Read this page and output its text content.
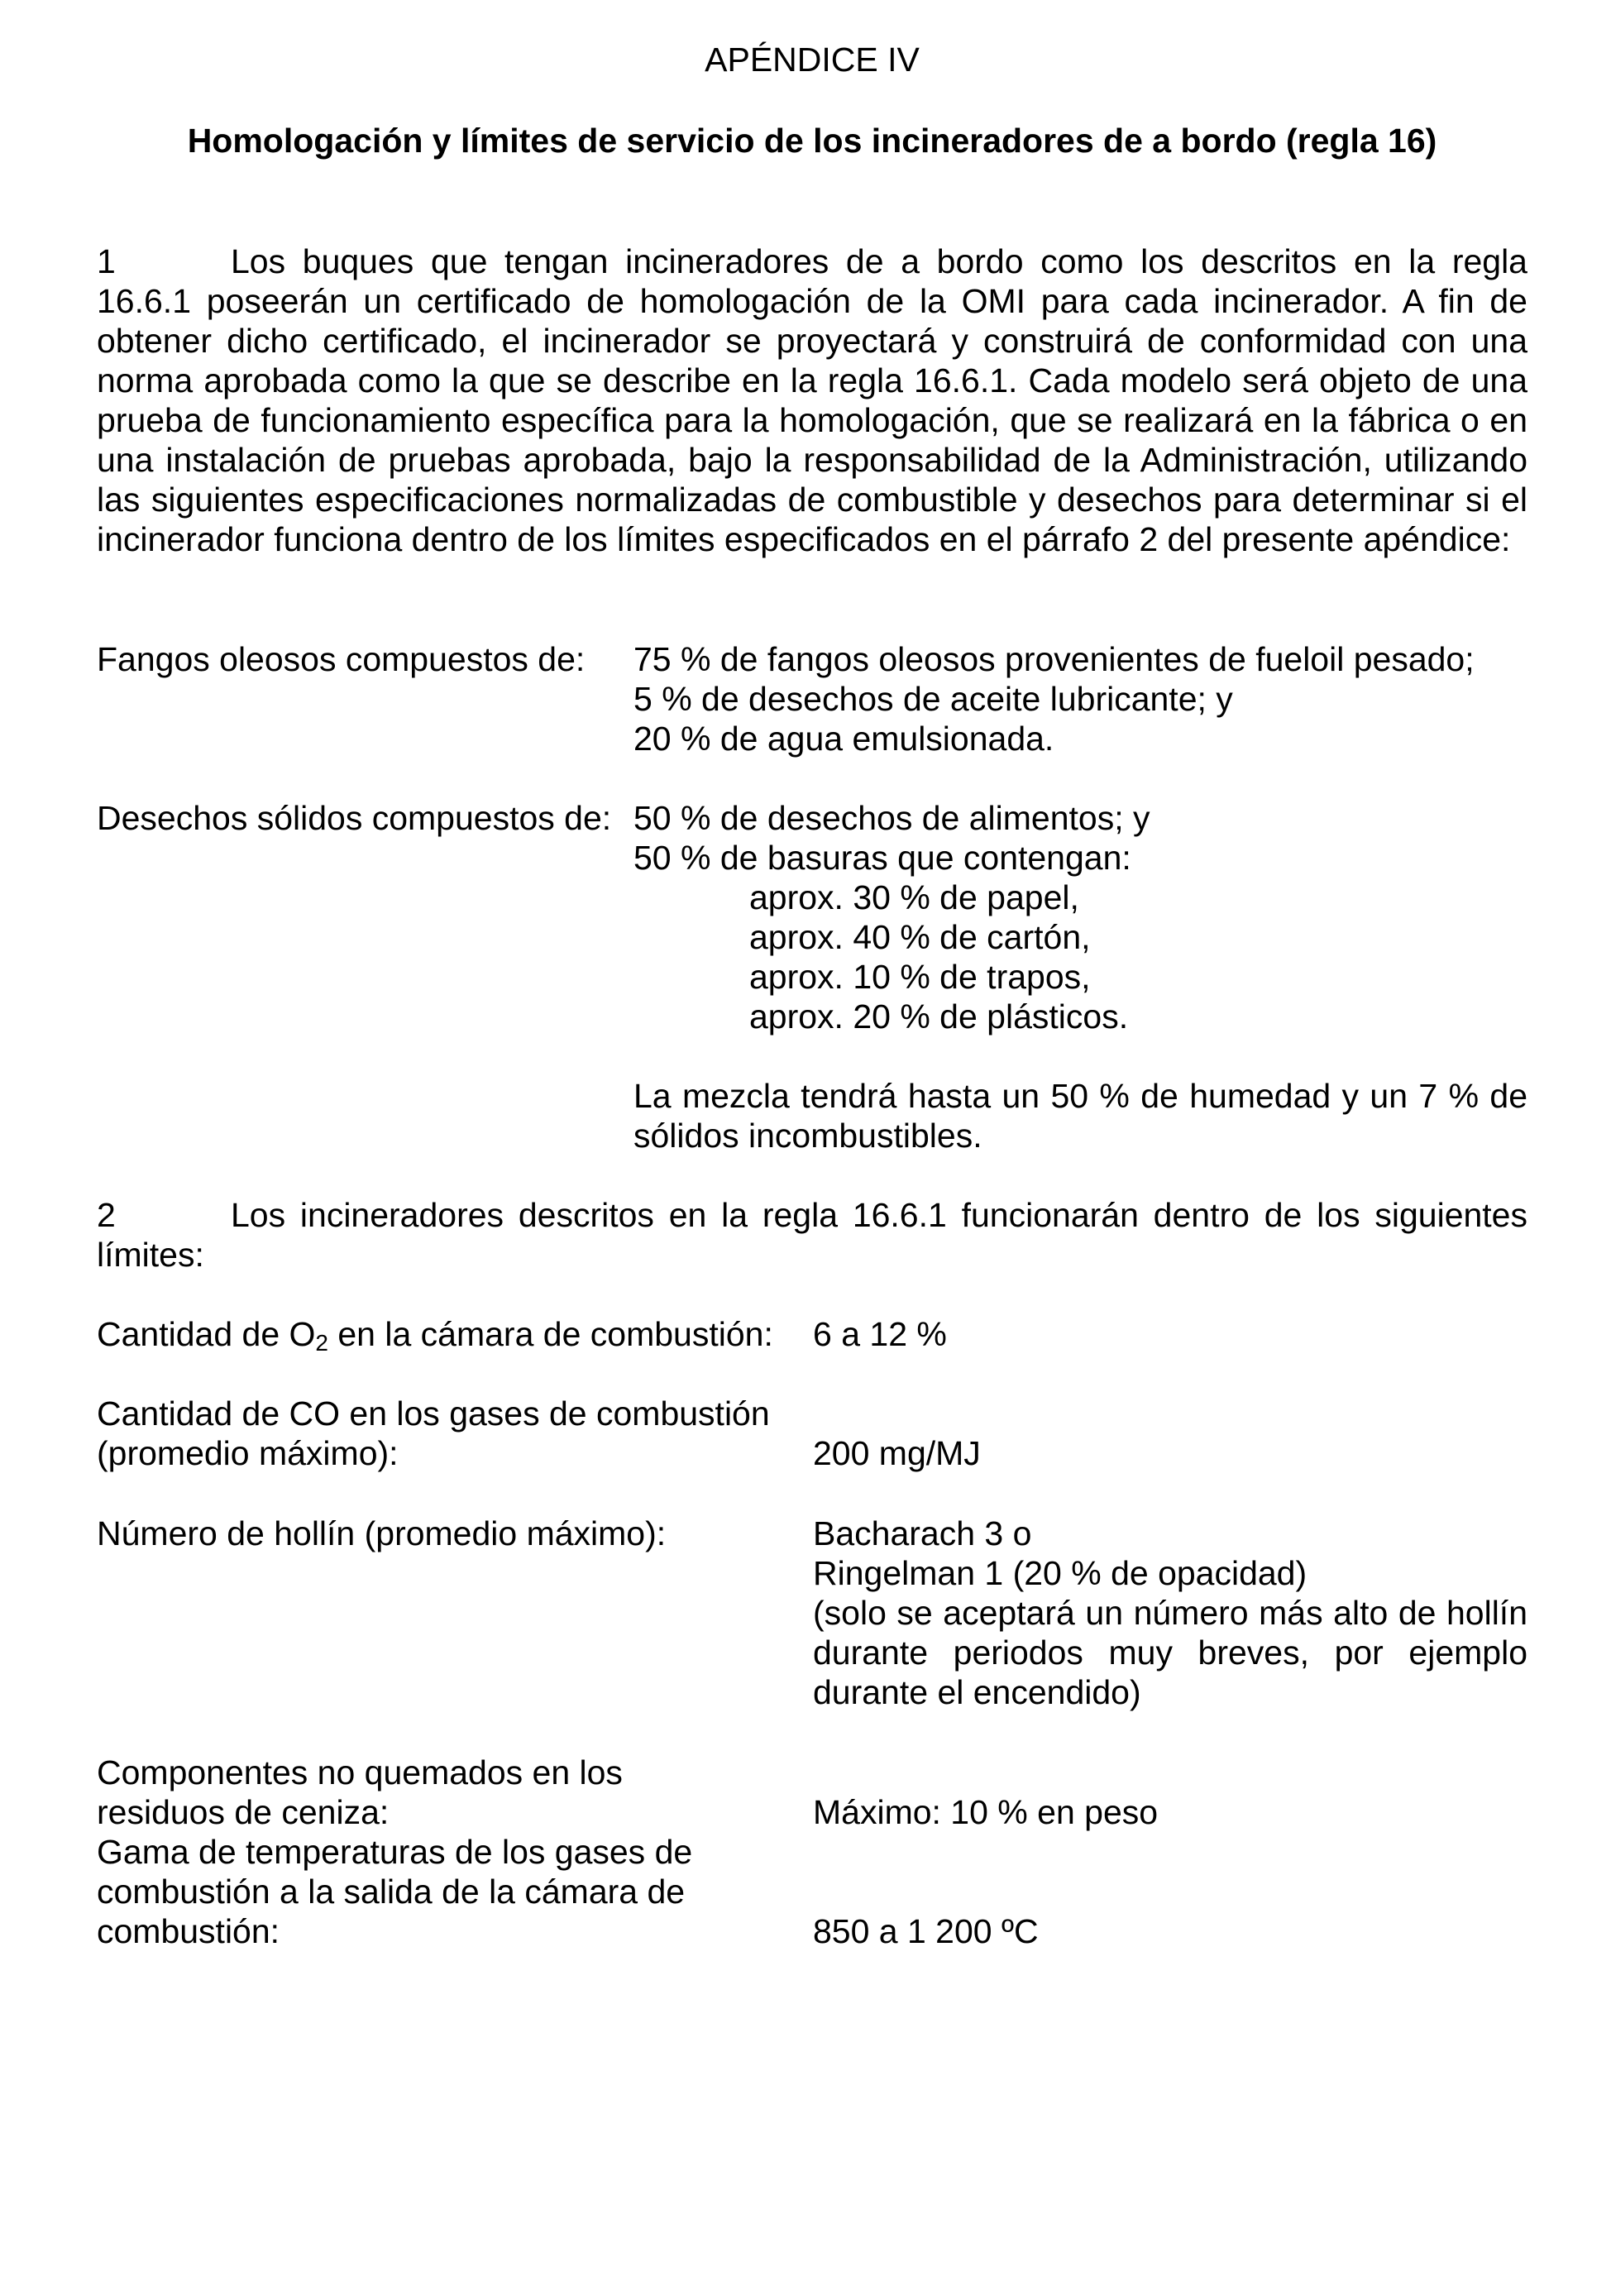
APÉNDICE IV
Homologación y límites de servicio de los incineradores de a bordo (regla 16)
1	Los buques que tengan incineradores de a bordo como los descritos en la regla 16.6.1 poseerán un certificado de homologación de la OMI para cada incinerador. A fin de obtener dicho certificado, el incinerador se proyectará y construirá de conformidad con una norma aprobada como la que se describe en la regla 16.6.1. Cada modelo será objeto de una prueba de funcionamiento específica para la homologación, que se realizará en la fábrica o en una instalación de pruebas aprobada, bajo la responsabilidad de la Administración, utilizando las siguientes especificaciones normalizadas de combustible y desechos para determinar si el incinerador funciona dentro de los límites especificados en el párrafo 2 del presente apéndice:
Fangos oleosos compuestos de:	75 % de fangos oleosos provenientes de fueloil pesado;
5 % de desechos de aceite lubricante; y
20 % de agua emulsionada.
Desechos sólidos compuestos de: 50 % de desechos de alimentos; y
50 % de basuras que contengan:
aprox. 30 % de papel,
aprox. 40 % de cartón,
aprox. 10 % de trapos,
aprox. 20 % de plásticos.
La mezcla tendrá hasta un 50 % de humedad y un 7 % de sólidos incombustibles.
2	Los incineradores descritos en la regla 16.6.1 funcionarán dentro de los siguientes límites:
Cantidad de $O_2$ en la cámara de combustión:	6 a 12 %
Cantidad de CO en los gases de combustión
(promedio máximo):
	200 mg/MJ
Número de hollín (promedio máximo):	Bacharach 3 o
Ringelman 1 (20 % de opacidad)
(solo se aceptará un número más alto de hollín durante periodos muy breves, por ejemplo durante el encendido)
Componentes no quemados en los
residuos de ceniza:
	Máximo: 10 % en peso
Gama de temperaturas de los gases de
combustión a la salida de la cámara de
combustión:

	850 a 1 200 ºC
